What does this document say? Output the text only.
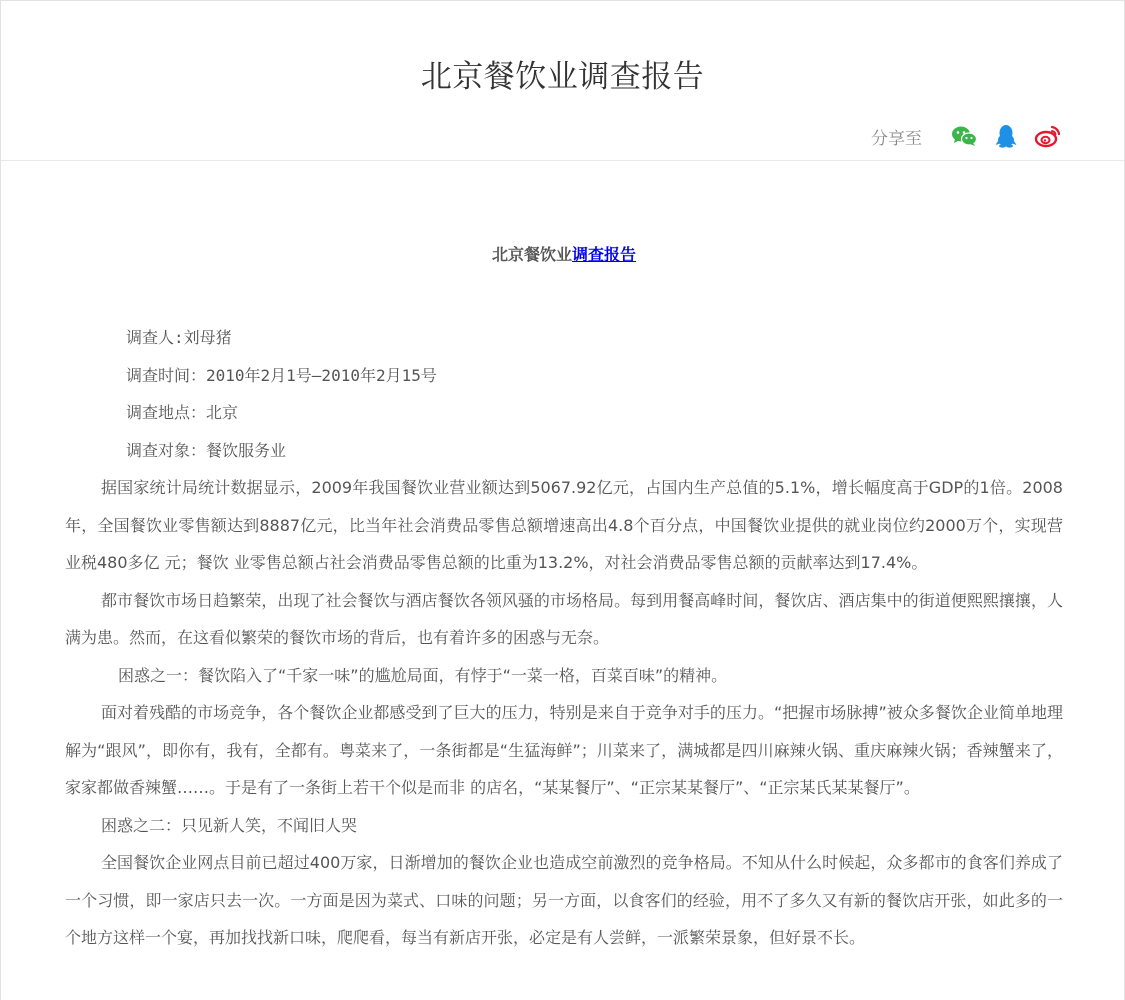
北京餐饮业调查报告
分享至
北京餐饮业调查报告

调查人:刘母猪

调查时间：2010年2月1号—2010年2月15号

调查地点：北京

调查对象：餐饮服务业

据国家统计局统计数据显示，2009年我国餐饮业营业额达到5067.92亿元，占国内生产总值的5.1%，增长幅度高于GDP的1倍。2008年，全国餐饮业零售额达到8887亿元，比当年社会消费品零售总额增速高出4.8个百分点，中国餐饮业提供的就业岗位约2000万个，实现营业税480多亿 元；餐饮 业零售总额占社会消费品零售总额的比重为13.2%，对社会消费品零售总额的贡献率达到17.4%。

都市餐饮市场日趋繁荣，出现了社会餐饮与酒店餐饮各领风骚的市场格局。每到用餐高峰时间，餐饮店、酒店集中的街道便熙熙攘攘，人满为患。然而，在这看似繁荣的餐饮市场的背后，也有着许多的困惑与无奈。

困惑之一：餐饮陷入了“千家一味”的尴尬局面，有悖于“一菜一格，百菜百味”的精神。

面对着残酷的市场竞争，各个餐饮企业都感受到了巨大的压力，特别是来自于竞争对手的压力。“把握市场脉搏”被众多餐饮企业简单地理解为“跟风”，即你有，我有，全都有。粤菜来了，一条街都是“生猛海鲜”；川菜来了，满城都是四川麻辣火锅、重庆麻辣火锅；香辣蟹来了，家家都做香辣蟹……。于是有了一条街上若干个似是而非 的店名，“某某餐厅”、“正宗某某餐厅”、“正宗某氏某某餐厅”。

困惑之二：只见新人笑，不闻旧人哭

全国餐饮企业网点目前已超过400万家，日渐增加的餐饮企业也造成空前激烈的竞争格局。不知从什么时候起，众多都市的食客们养成了一个习惯，即一家店只去一次。一方面是因为菜式、口味的问题；另一方面，以食客们的经验，用不了多久又有新的餐饮店开张，如此多的一个地方这样一个宴，再加找找新口味，爬爬看，每当有新店开张，必定是有人尝鲜，一派繁荣景象，但好景不长。
